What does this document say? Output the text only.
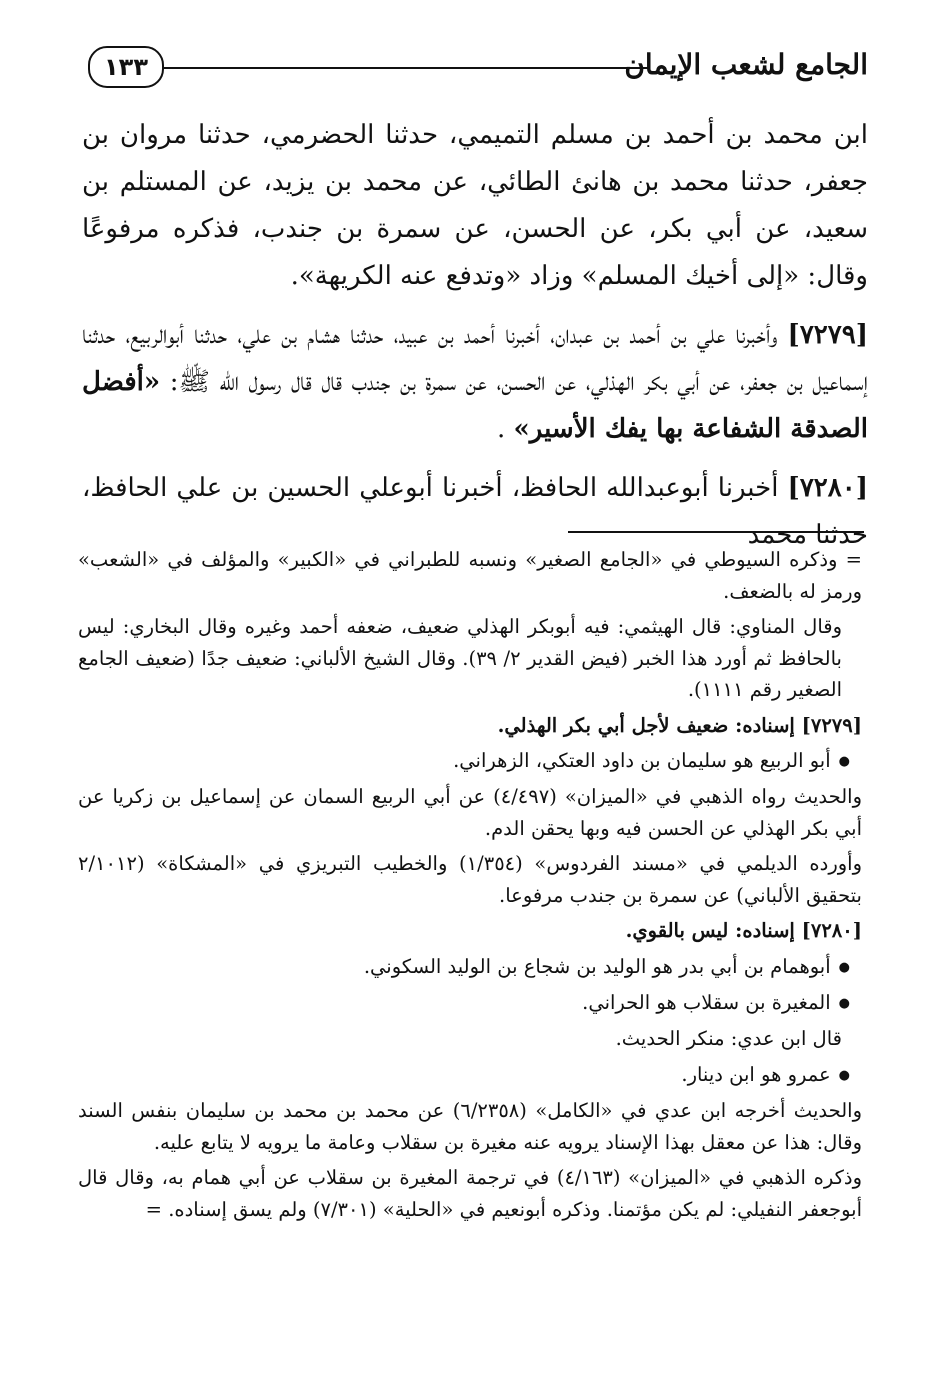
١٣٣	الجامع لشعب الإيمان

ابن محمد بن أحمد بن مسلم التميمي، حدثنا الحضرمي، حدثنا مروان بن جعفر، حدثنا محمد بن هانئ الطائي، عن محمد بن يزيد، عن المستلم بن سعيد، عن أبي بكر، عن الحسن، عن سمرة بن جندب، فذكره مرفوعًا وقال: «إلى أخيك المسلم» وزاد «وتدفع عنه الكريهة».

[٧٢٧٩] وأخبرنا علي بن أحمد بن عبدان، أخبرنا أحمد بن عبيد، حدثنا هشام بن علي، حدثنا أبوالربيع، حدثنا إسماعيل بن جعفر، عن أبي بكر الهذلي، عن الحسن، عن سمرة بن جندب قال قال رسول الله ﷺ: «أفضل الصدقة الشفاعة بها يفك الأسير» .

[٧٢٨٠] أخبرنا أبوعبدالله الحافظ، أخبرنا أبوعلي الحسين بن علي الحافظ، حدثنا محمد

= وذكره السيوطي في «الجامع الصغير» ونسبه للطبراني في «الكبير» والمؤلف في «الشعب» ورمز له بالضعف.

وقال المناوي: قال الهيثمي: فيه أبوبكر الهذلي ضعيف، ضعفه أحمد وغيره وقال البخاري: ليس بالحافظ ثم أورد هذا الخبر (فيض القدير ٢/ ٣٩). وقال الشيخ الألباني: ضعيف جدًا (ضعيف الجامع الصغير رقم ١١١١).

[٧٢٧٩] إسناده: ضعيف لأجل أبي بكر الهذلي.

● أبو الربيع هو سليمان بن داود العتكي، الزهراني.

والحديث رواه الذهبي في «الميزان» (٤/٤٩٧) عن أبي الربيع السمان عن إسماعيل بن زكريا عن أبي بكر الهذلي عن الحسن فيه وبها يحقن الدم.

وأورده الديلمي في «مسند الفردوس» (١/٣٥٤) والخطيب التبريزي في «المشكاة» (٢/١٠١٢ بتحقيق الألباني) عن سمرة بن جندب مرفوعا.

[٧٢٨٠] إسناده: ليس بالقوي.

● أبوهمام بن أبي بدر هو الوليد بن شجاع بن الوليد السكوني.

● المغيرة بن سقلاب هو الحراني.

قال ابن عدي: منكر الحديث.

● عمرو هو ابن دينار.

والحديث أخرجه ابن عدي في «الكامل» (٦/٢٣٥٨) عن محمد بن محمد بن سليمان بنفس السند وقال: هذا عن معقل بهذا الإسناد يرويه عنه مغيرة بن سقلاب وعامة ما يرويه لا يتابع عليه.

وذكره الذهبي في «الميزان» (٤/١٦٣) في ترجمة المغيرة بن سقلاب عن أبي همام به، وقال قال أبوجعفر النفيلي: لم يكن مؤتمنا. وذكره أبونعيم في «الحلية» (٧/٣٠١) ولم يسق إسناده. =
